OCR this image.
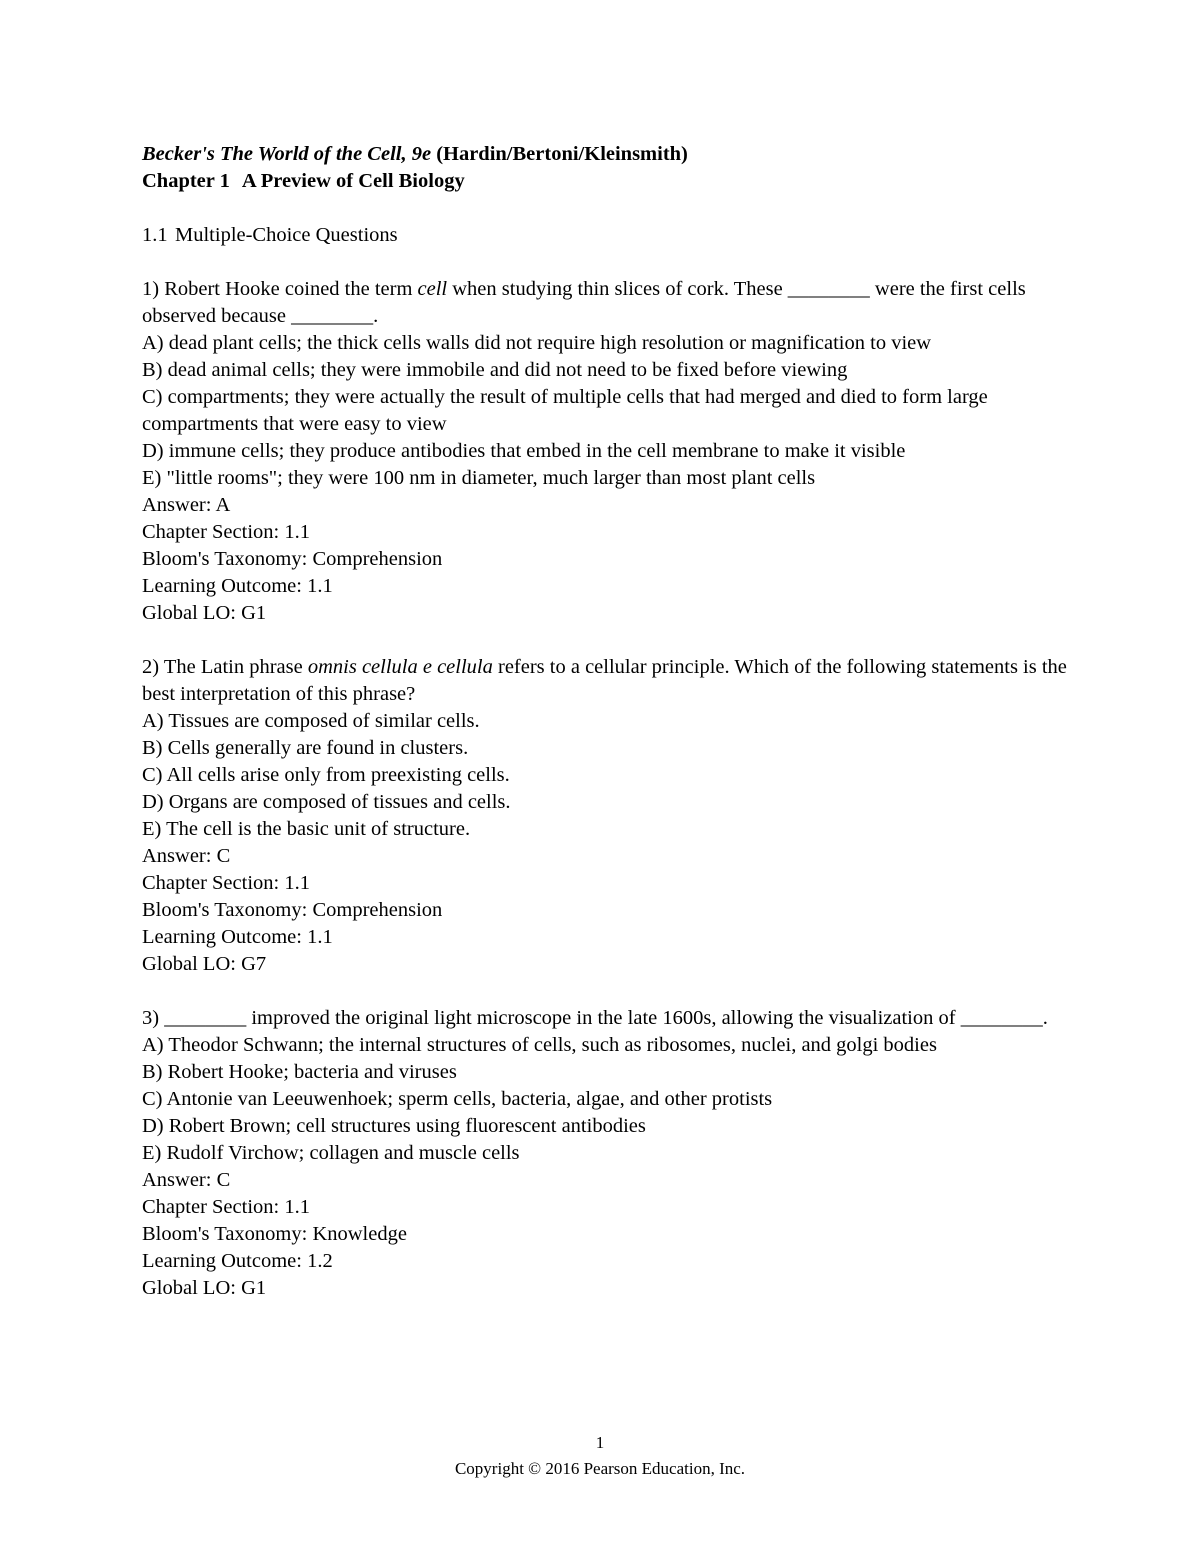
Becker's The World of the Cell, 9e (Hardin/Bertoni/Kleinsmith)
Chapter 1 A Preview of Cell Biology
1.1 Multiple-Choice Questions
1) Robert Hooke coined the term cell when studying thin slices of cork. These ________ were the first cells observed because ________.
A) dead plant cells; the thick cells walls did not require high resolution or magnification to view
B) dead animal cells; they were immobile and did not need to be fixed before viewing
C) compartments; they were actually the result of multiple cells that had merged and died to form large compartments that were easy to view
D) immune cells; they produce antibodies that embed in the cell membrane to make it visible
E) "little rooms"; they were 100 nm in diameter, much larger than most plant cells
Answer: A
Chapter Section: 1.1
Bloom's Taxonomy: Comprehension
Learning Outcome: 1.1
Global LO: G1
2) The Latin phrase omnis cellula e cellula refers to a cellular principle. Which of the following statements is the best interpretation of this phrase?
A) Tissues are composed of similar cells.
B) Cells generally are found in clusters.
C) All cells arise only from preexisting cells.
D) Organs are composed of tissues and cells.
E) The cell is the basic unit of structure.
Answer: C
Chapter Section: 1.1
Bloom's Taxonomy: Comprehension
Learning Outcome: 1.1
Global LO: G7
3) ________ improved the original light microscope in the late 1600s, allowing the visualization of ________.
A) Theodor Schwann; the internal structures of cells, such as ribosomes, nuclei, and golgi bodies
B) Robert Hooke; bacteria and viruses
C) Antonie van Leeuwenhoek; sperm cells, bacteria, algae, and other protists
D) Robert Brown; cell structures using fluorescent antibodies
E) Rudolf Virchow; collagen and muscle cells
Answer: C
Chapter Section: 1.1
Bloom's Taxonomy: Knowledge
Learning Outcome: 1.2
Global LO: G1
1
Copyright © 2016 Pearson Education, Inc.
